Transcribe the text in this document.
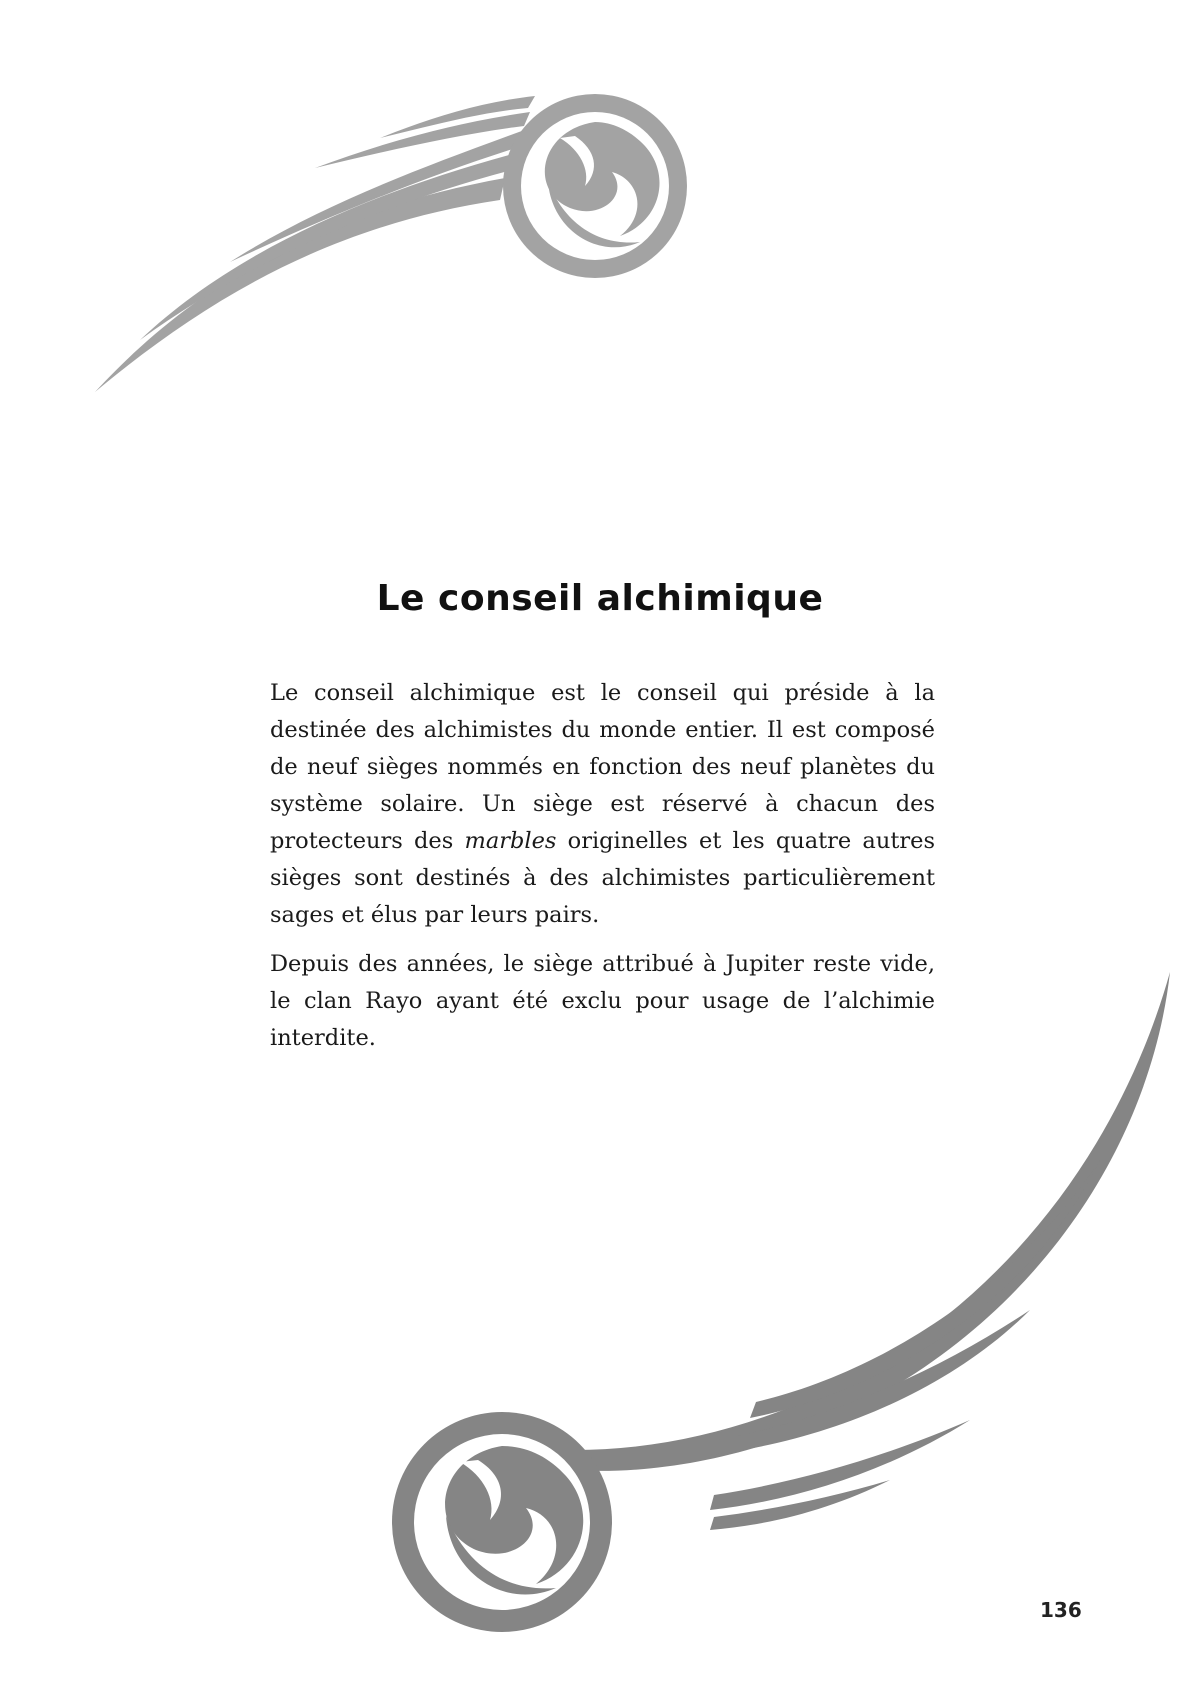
Le conseil alchimique

Le conseil alchimique est le conseil qui préside à la destinée des alchimistes du monde entier. Il est composé de neuf sièges nommés en fonction des neuf planètes du système solaire. Un siège est réservé à chacun des protecteurs des marbles originelles et les quatre autres sièges sont destinés à des alchimistes particulièrement sages et élus par leurs pairs.

Depuis des années, le siège attribué à Jupiter reste vide, le clan Rayo ayant été exclu pour usage de l’alchimie interdite.

136
